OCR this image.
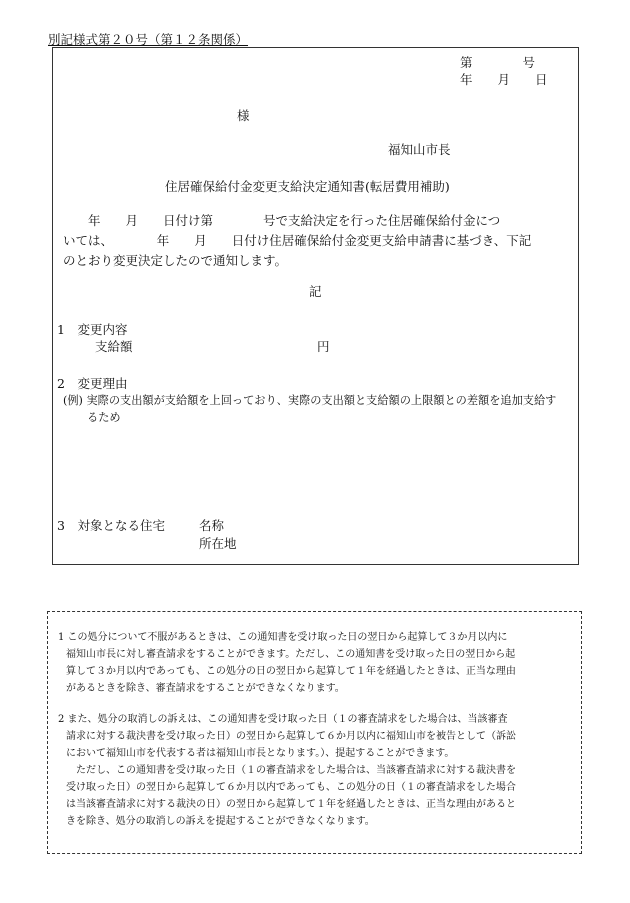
別記様式第２０号（第１２条関係）
第　　　　号
年　　月　　日
様
福知山市長
住居確保給付金変更支給決定通知書(転居費用補助)
　　年　　月　　日付け第　　　　号で支給決定を行った住居確保給付金につ
いては、　　　　年　　月　　日付け住居確保給付金変更支給申請書に基づき、下記
のとおり変更決定したので通知します。
記
1　変更内容
支給額	円
2　変更理由
(例) 実際の支出額が支給額を上回っており、実際の支出額と支給額の上限額との差額を追加支給す
るため
3　対象となる住宅	名称
所在地
1 この処分について不服があるときは、この通知書を受け取った日の翌日から起算して３か月以内に
福知山市長に対し審査請求をすることができます。ただし、この通知書を受け取った日の翌日から起
算して３か月以内であっても、この処分の日の翌日から起算して１年を経過したときは、正当な理由
があるときを除き、審査請求をすることができなくなります。
2 また、処分の取消しの訴えは、この通知書を受け取った日（１の審査請求をした場合は、当該審査
請求に対する裁決書を受け取った日）の翌日から起算して６か月以内に福知山市を被告として（訴訟
において福知山市を代表する者は福知山市長となります。）、提起することができます。
ただし、この通知書を受け取った日（１の審査請求をした場合は、当該審査請求に対する裁決書を
受け取った日）の翌日から起算して６か月以内であっても、この処分の日（１の審査請求をした場合
は当該審査請求に対する裁決の日）の翌日から起算して１年を経過したときは、正当な理由があると
きを除き、処分の取消しの訴えを提起することができなくなります。
